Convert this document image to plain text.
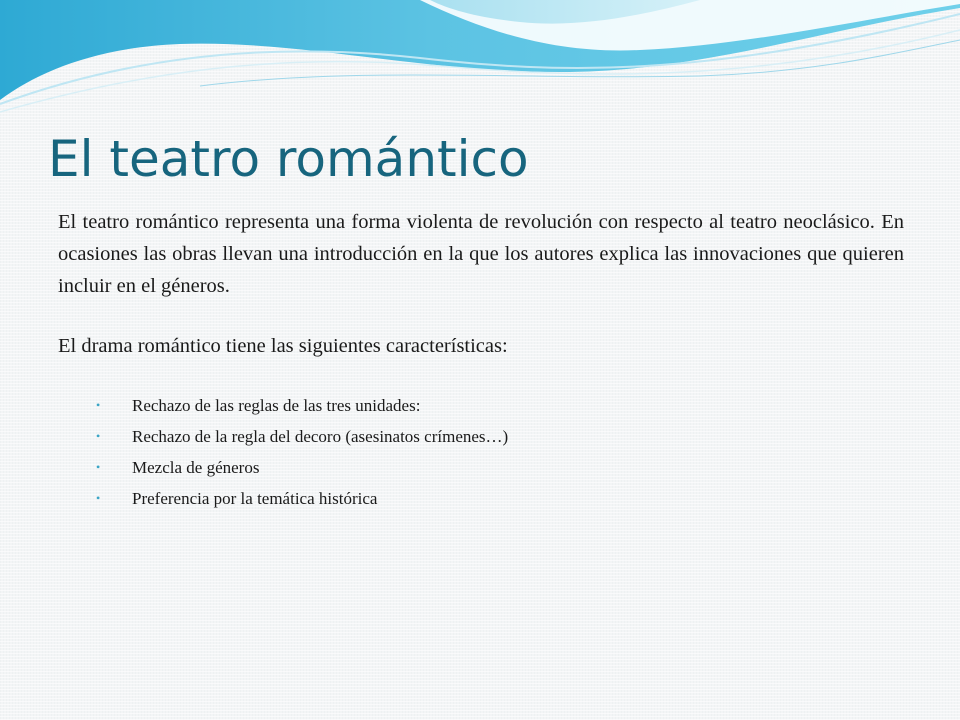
El teatro romántico

El teatro romántico representa una forma violenta de revolución con respecto al teatro neoclásico. En ocasiones las obras llevan una introducción en la que los autores explica las innovaciones que quieren incluir en el géneros.

El drama romántico tiene las siguientes características:

• Rechazo de las reglas de las tres unidades:
• Rechazo de la regla del decoro (asesinatos crímenes…)
• Mezcla de géneros
• Preferencia por la temática histórica
